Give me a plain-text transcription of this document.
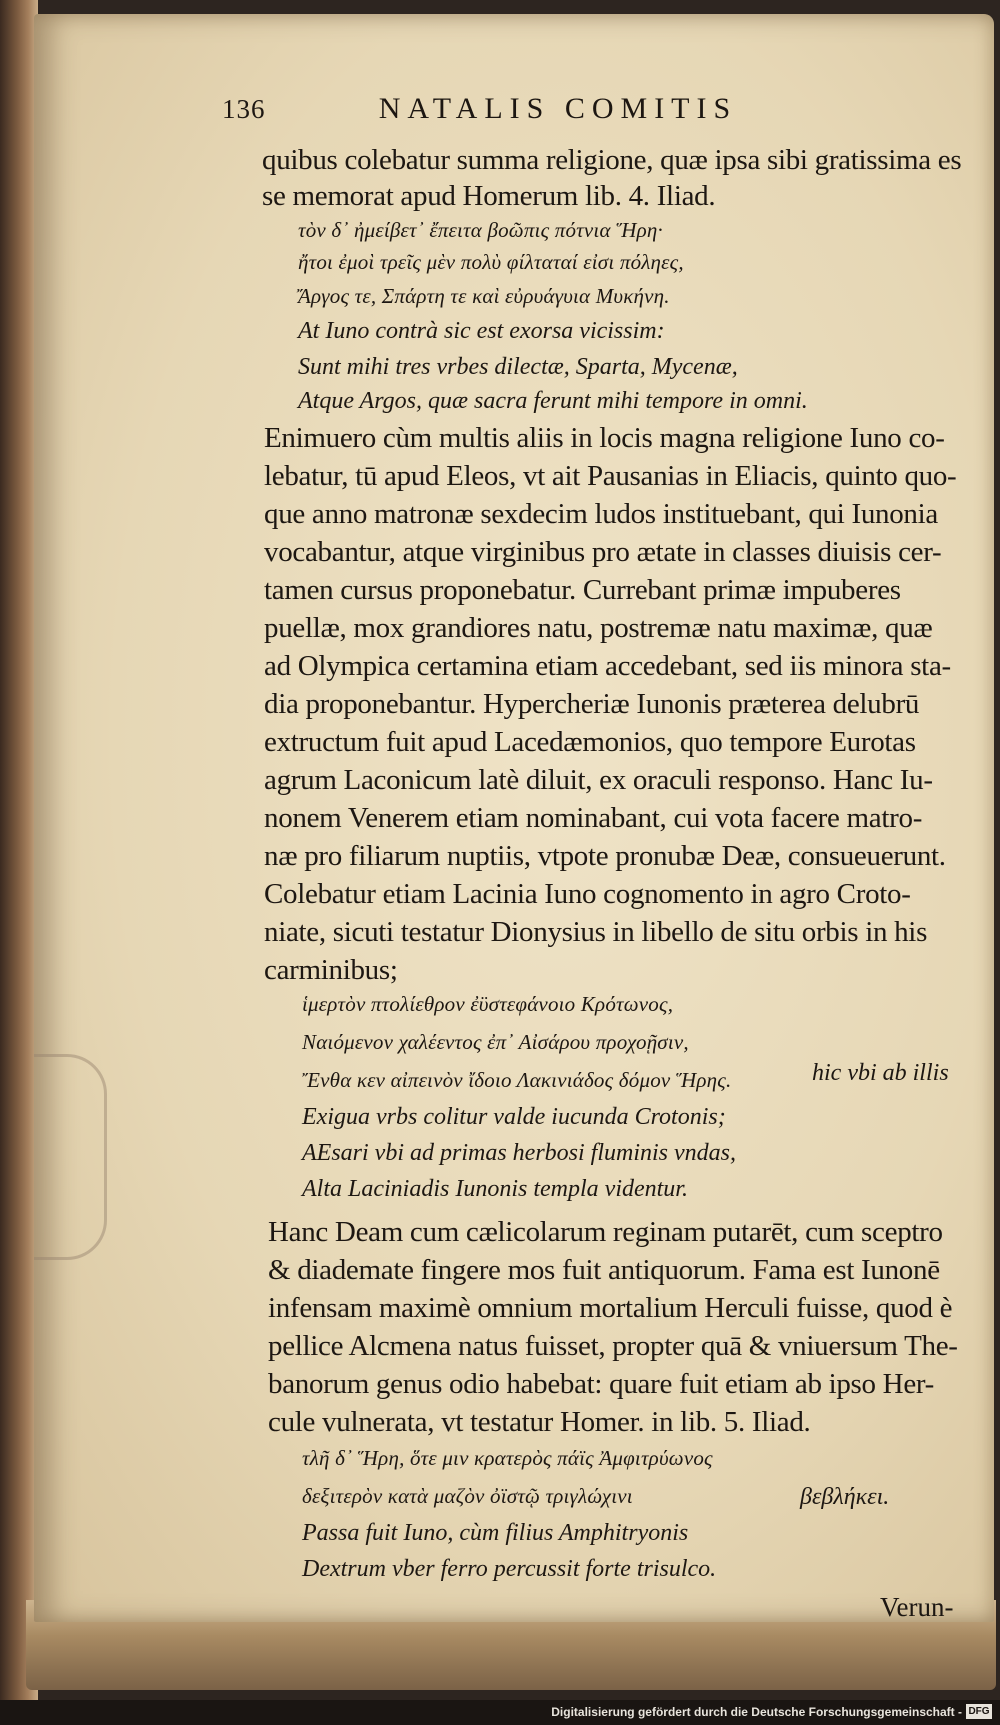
136	NATALIS COMITIS
quibus colebatur summa religione, quæ ipsa sibi gratissima es
se memorat apud Homerum lib. 4. Iliad.
τὸν δ᾽ ἠμείβετ᾽ ἔπειτα βοῶπις πότνια Ἥρη·
ἤτοι ἐμοὶ τρεῖς μὲν πολὺ φίλταταί εἰσι πόληες,
Ἄργος τε, Σπάρτη τε καὶ εὐρυάγυια Μυκήνη.
At Iuno contrà sic est exorsa vicissim:
Sunt mihi tres vrbes dilectæ, Sparta, Mycenæ,
Atque Argos, quæ sacra ferunt mihi tempore in omni.
Enimuero cùm multis aliis in locis magna religione Iuno co-
lebatur, tū apud Eleos, vt ait Pausanias in Eliacis, quinto quo-
que anno matronæ sexdecim ludos instituebant, qui Iunonia
vocabantur, atque virginibus pro ætate in classes diuisis cer-
tamen cursus proponebatur. Currebant primæ impuberes
puellæ, mox grandiores natu, postremæ natu maximæ, quæ
ad Olympica certamina etiam accedebant, sed iis minora sta-
dia proponebantur. Hypercheriæ Iunonis præterea delubrū
extructum fuit apud Lacedæmonios, quo tempore Eurotas
agrum Laconicum latè diluit, ex oraculi responso. Hanc Iu-
nonem Venerem etiam nominabant, cui vota facere matro-
næ pro filiarum nuptiis, vtpote pronubæ Deæ, consueuerunt.
Colebatur etiam Lacinia Iuno cognomento in agro Croto-
niate, sicuti testatur Dionysius in libello de situ orbis in his
carminibus;
ἱμερτὸν πτολίεθρον ἐϋστεφάνοιο Κρότωνος,
Ναιόμενον χαλέεντος ἐπ᾽ Αἰσάρου προχοῇσιν,
Ἔνθα κεν αἰπεινὸν ἴδοιο Λακινιάδος δόμον Ἥρης.	hic vbi ab illis
Exigua vrbs colitur valde iucunda Crotonis;
AEsari vbi ad primas herbosi fluminis vndas,
Alta Laciniadis Iunonis templa videntur.
Hanc Deam cum cælicolarum reginam putarēt, cum sceptro
& diademate fingere mos fuit antiquorum. Fama est Iunonē
infensam maximè omnium mortalium Herculi fuisse, quod è
pellice Alcmena natus fuisset, propter quā & vniuersum The-
banorum genus odio habebat: quare fuit etiam ab ipso Her-
cule vulnerata, vt testatur Homer. in lib. 5. Iliad.
τλῆ δ᾽ Ἥρη, ὅτε μιν κρατερὸς πάϊς Ἀμφιτρύωνος
δεξιτερὸν κατὰ μαζὸν ὀϊστῷ τριγλώχινι	βεβλήκει.
Passa fuit Iuno, cùm filius Amphitryonis
Dextrum vber ferro percussit forte trisulco.
Verun-
Digitalisierung gefördert durch die Deutsche Forschungsgemeinschaft - DFG
